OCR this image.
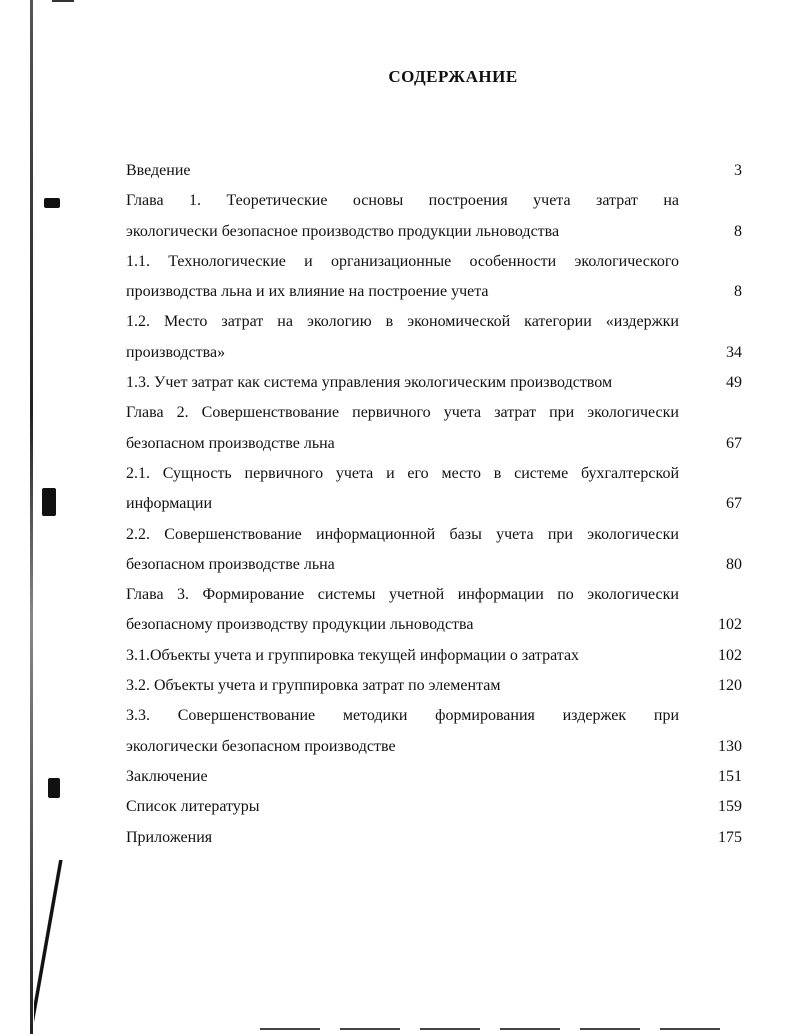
СОДЕРЖАНИЕ
Введение	3
Глава 1. Теоретические основы построения учета затрат на
экологически безопасное производство продукции льноводства	8
1.1. Технологические и организационные особенности экологического
производства льна и их влияние на построение учета	8
1.2. Место затрат на экологию в экономической категории «издержки
производства»	34
1.3. Учет затрат как система управления экологическим производством	49
Глава 2. Совершенствование первичного учета затрат при экологически
безопасном производстве льна	67
2.1. Сущность первичного учета и его место в системе бухгалтерской
информации	67
2.2. Совершенствование информационной базы учета при экологически
безопасном производстве льна	80
Глава 3. Формирование системы учетной информации по экологически
безопасному производству продукции льноводства	102
3.1.Объекты учета и группировка текущей информации о затратах	102
3.2. Объекты учета и группировка затрат по элементам	120
3.3. Совершенствование методики формирования издержек при
экологически безопасном производстве	130
Заключение	151
Список литературы	159
Приложения	175
